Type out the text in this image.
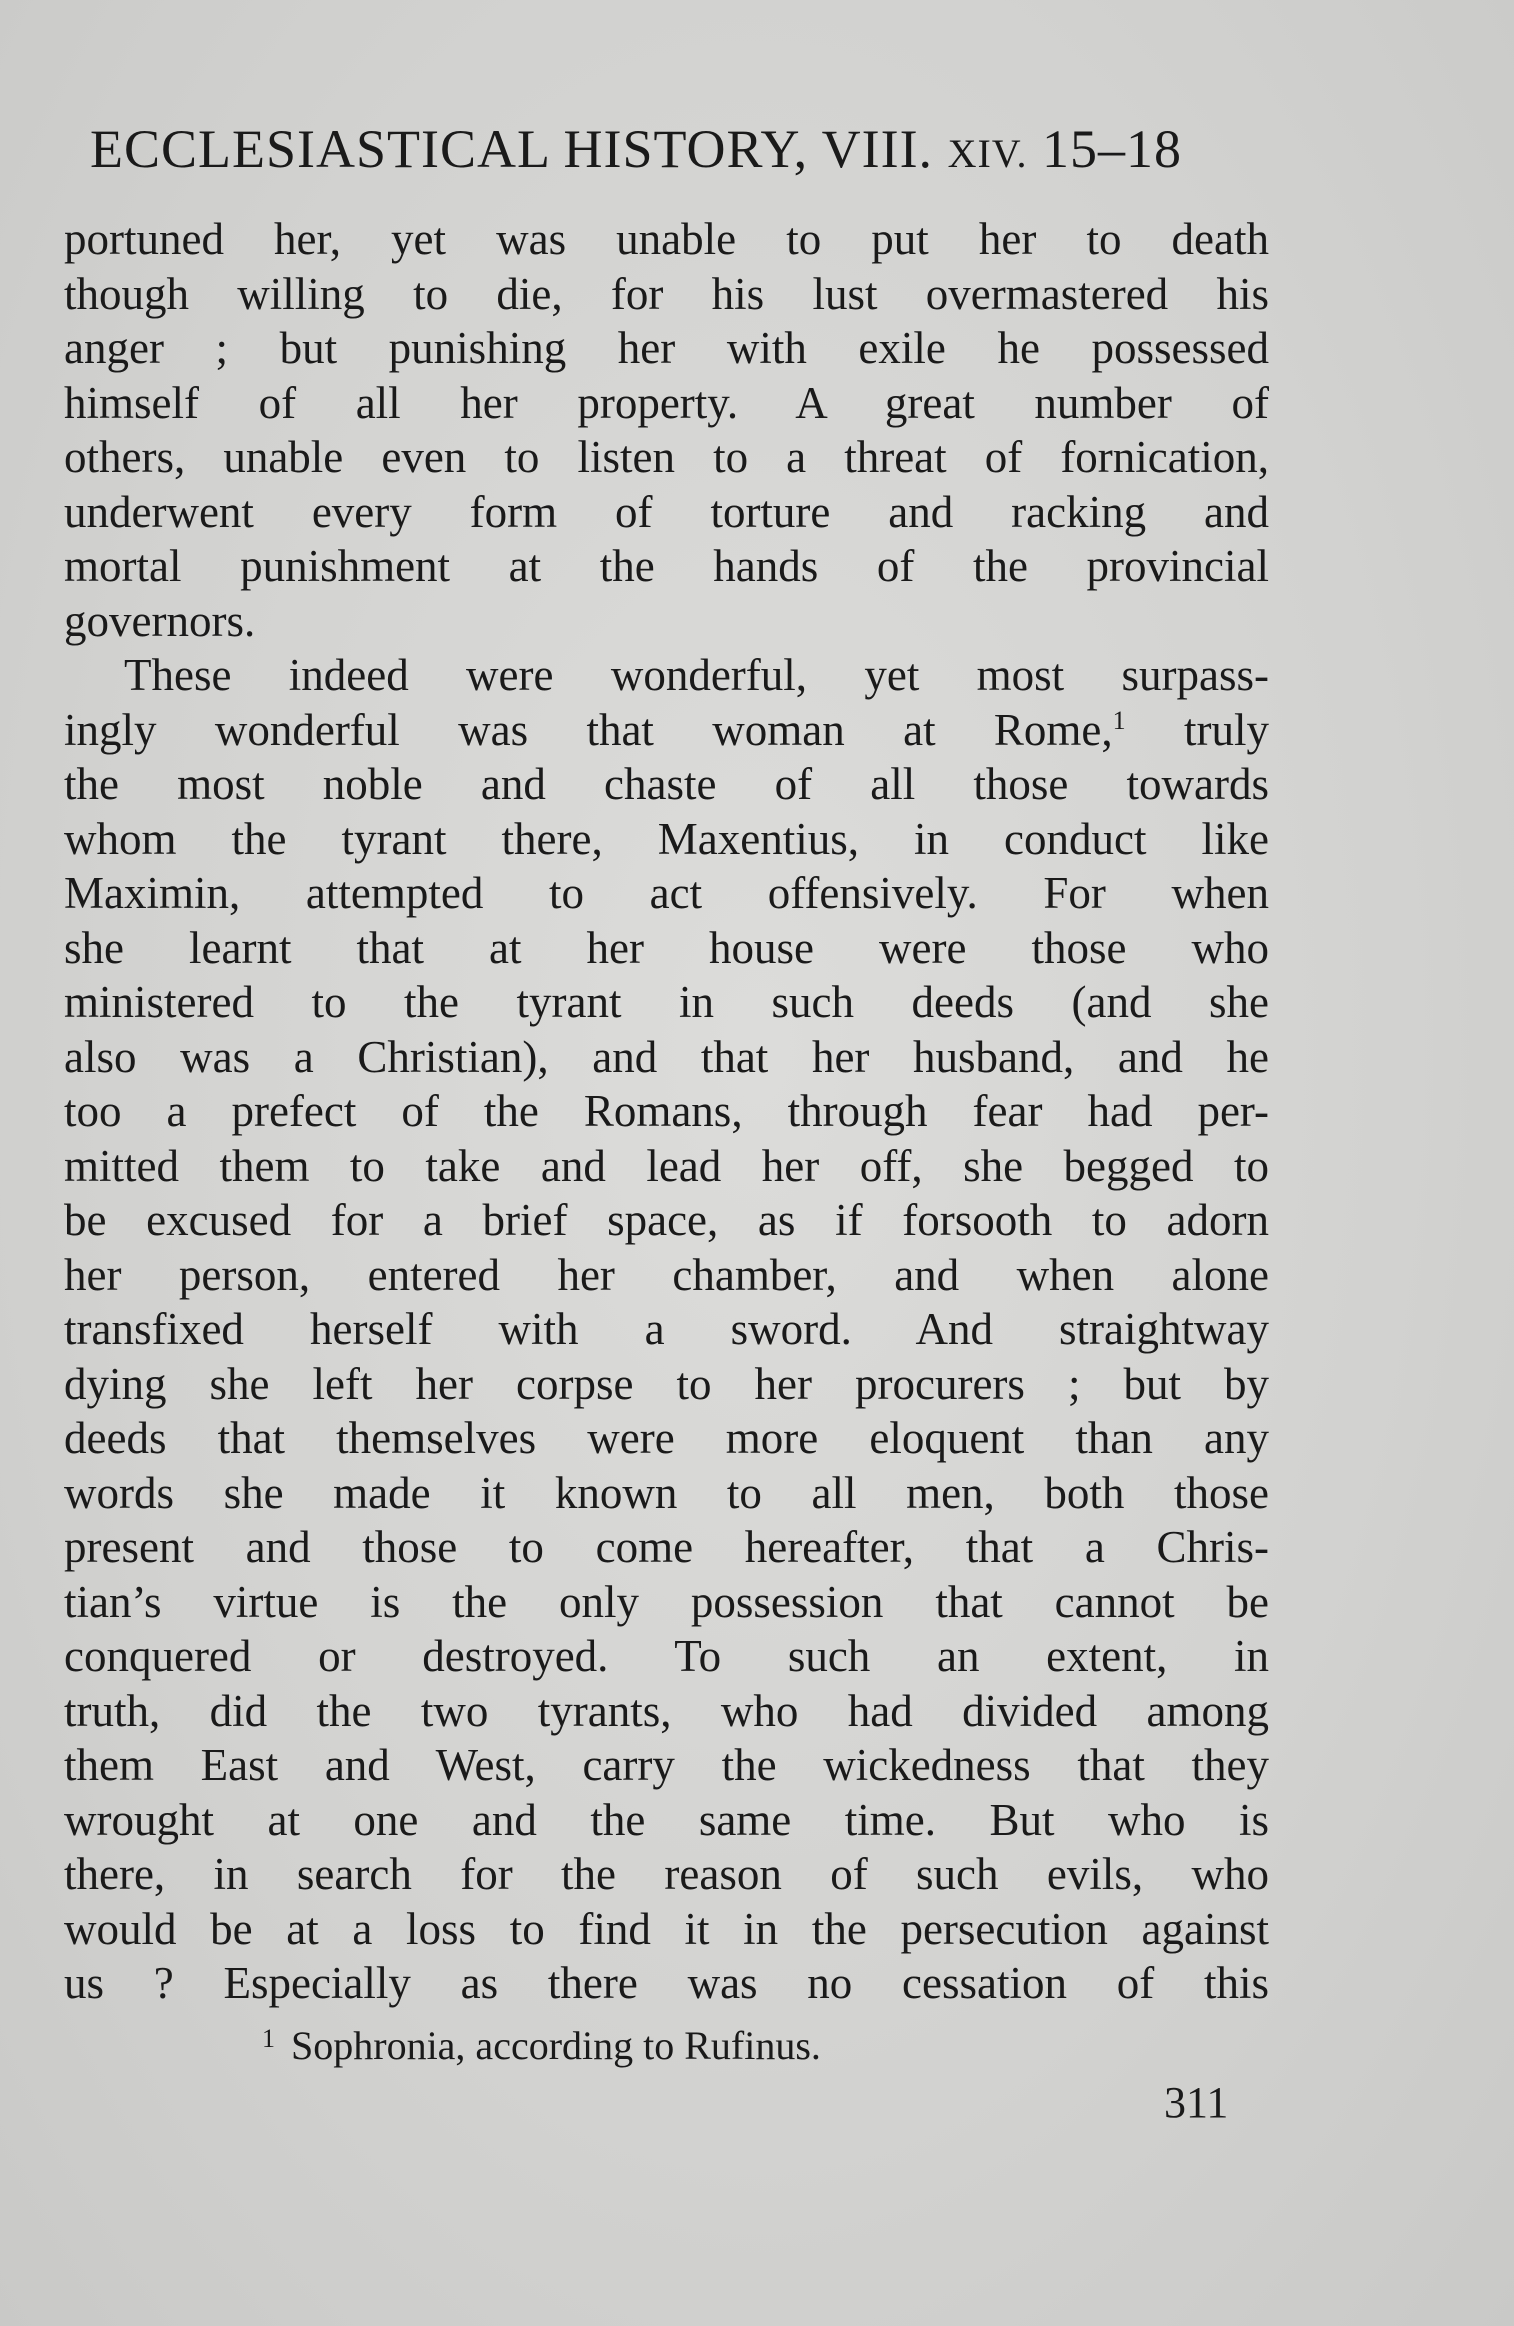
ECCLESIASTICAL HISTORY, VIII. XIV. 15–18
portuned her, yet was unable to put her to death
though willing to die, for his lust overmastered his
anger ; but punishing her with exile he possessed
himself of all her property. A great number of
others, unable even to listen to a threat of fornication,
underwent every form of torture and racking and
mortal punishment at the hands of the provincial
governors.
These indeed were wonderful, yet most surpass-
ingly wonderful was that woman at Rome,$^1$ truly
the most noble and chaste of all those towards
whom the tyrant there, Maxentius, in conduct like
Maximin, attempted to act offensively. For when
she learnt that at her house were those who
ministered to the tyrant in such deeds (and she
also was a Christian), and that her husband, and he
too a prefect of the Romans, through fear had per-
mitted them to take and lead her off, she begged to
be excused for a brief space, as if forsooth to adorn
her person, entered her chamber, and when alone
transfixed herself with a sword. And straightway
dying she left her corpse to her procurers ; but by
deeds that themselves were more eloquent than any
words she made it known to all men, both those
present and those to come hereafter, that a Chris-
tian’s virtue is the only possession that cannot be
conquered or destroyed. To such an extent, in
truth, did the two tyrants, who had divided among
them East and West, carry the wickedness that they
wrought at one and the same time. But who is
there, in search for the reason of such evils, who
would be at a loss to find it in the persecution against
us ? Especially as there was no cessation of this
$^1$ Sophronia, according to Rufinus.
311
